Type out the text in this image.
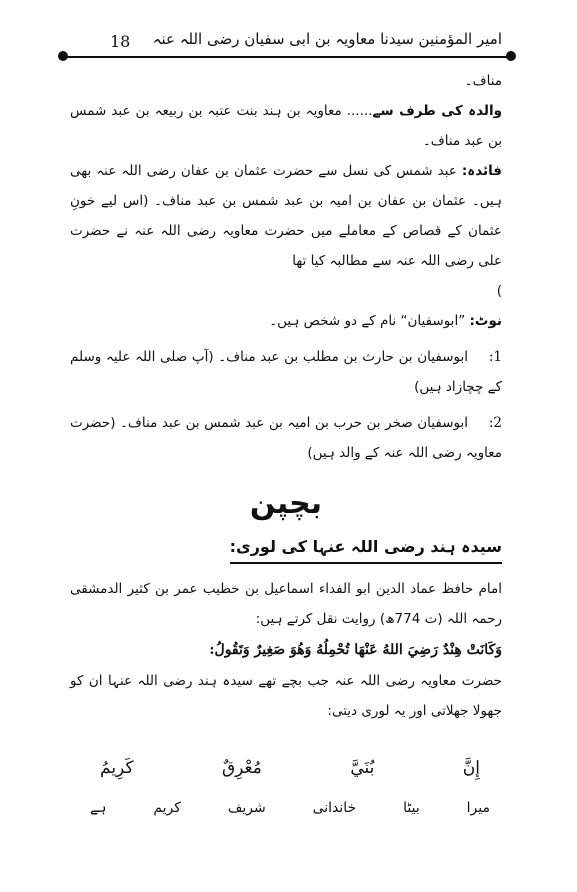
18 امیر المؤمنین سیدنا معاویہ بن ابی سفیان رضی اللہ عنہ

مناف۔

والدہ کی طرف سے...... معاویہ بن ہند بنت عتبہ بن ربیعہ بن عبد شمس بن عبد مناف۔

فائدہ: عبد شمس کی نسل سے حضرت عثمان بن عفان رضی اللہ عنہ بھی ہیں۔ عثمان بن عفان بن امیہ بن عبد شمس بن عبد مناف۔ (اس لیے خونِ عثمان کے قصاص کے معاملے میں حضرت معاویہ رضی اللہ عنہ نے حضرت علی رضی اللہ عنہ سے مطالبہ کیا تھا

)

نوٹ: ”ابوسفیان“ نام کے دو شخص ہیں۔

1:ابوسفیان بن حارث بن مطلب بن عبد مناف۔ (آپ صلی اللہ علیہ وسلم کے چچازاد ہیں)

2:ابوسفیان صخر بن حرب بن امیہ بن عبد شمس بن عبد مناف۔ (حضرت معاویہ رضی اللہ عنہ کے والد ہیں)

بچپن
سیدہ ہند رضی اللہ عنہا کی لوری:

امام حافظ عماد الدین ابو الفداء اسماعیل بن خطیب عمر بن کثیر الدمشقی رحمہ اللہ (ت 774ھ) روایت نقل کرتے ہیں:

وَكَانَتْ هِنْدٌ رَضِيَ اللهُ عَنْهَا تُحْمِلُهُ وَهُوَ صَغِيرٌ وَتَقُولُ:

حضرت معاویہ رضی اللہ عنہ جب بچے تھے سیدہ ہند رضی اللہ عنہا ان کو جھولا جھلاتی اور یہ لوری دیتی:

إِنَّ
بُنَيَّ
مُعْرِقٌ
كَرِيمُ
میرا
بیٹا
خاندانی
شریف
کریم
ہے
